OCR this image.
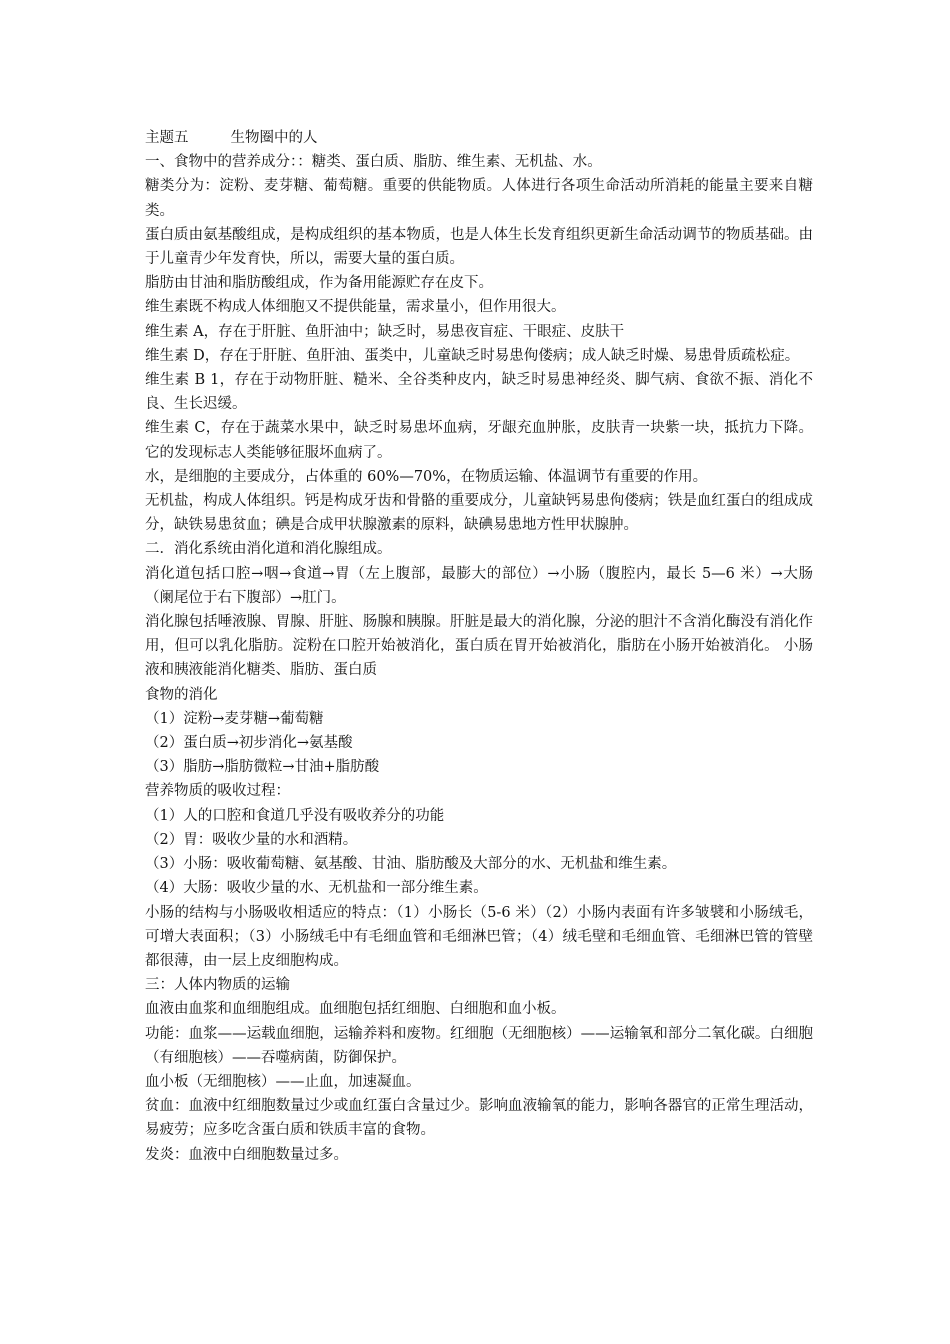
主题五	生物圈中的人

一、食物中的营养成分：：糖类、蛋白质、脂肪、维生素、无机盐、水。

糖类分为：淀粉、麦芽糖、葡萄糖。重要的供能物质。人体进行各项生命活动所消耗的能量主要来自糖类。

蛋白质由氨基酸组成，是构成组织的基本物质，也是人体生长发育组织更新生命活动调节的物质基础。由于儿童青少年发育快，所以，需要大量的蛋白质。

脂肪由甘油和脂肪酸组成，作为备用能源贮存在皮下。

维生素既不构成人体细胞又不提供能量，需求量小，但作用很大。

维生素 A，存在于肝脏、鱼肝油中；缺乏时，易患夜盲症、干眼症、皮肤干

维生素 D，存在于肝脏、鱼肝油、蛋类中，儿童缺乏时易患佝偻病；成人缺乏时燥、易患骨质疏松症。

维生素 B 1，存在于动物肝脏、糙米、全谷类种皮内，缺乏时易患神经炎、脚气病、食欲不振、消化不良、生长迟缓。

维生素 C，存在于蔬菜水果中，缺乏时易患坏血病，牙龈充血肿胀，皮肤青一块紫一块，抵抗力下降。它的发现标志人类能够征服坏血病了。

水，是细胞的主要成分，占体重的 60%—70%，在物质运输、体温调节有重要的作用。

无机盐，构成人体组织。钙是构成牙齿和骨骼的重要成分，儿童缺钙易患佝偻病；铁是血红蛋白的组成成分，缺铁易患贫血；碘是合成甲状腺激素的原料，缺碘易患地方性甲状腺肿。

二．消化系统由消化道和消化腺组成。

消化道包括口腔→咽→食道→胃（左上腹部，最膨大的部位）→小肠（腹腔内，最长 5—6 米）→大肠（阑尾位于右下腹部）→肛门。

消化腺包括唾液腺、胃腺、肝脏、肠腺和胰腺。肝脏是最大的消化腺，分泌的胆汁不含消化酶没有消化作用，但可以乳化脂肪。淀粉在口腔开始被消化，蛋白质在胃开始被消化，脂肪在小肠开始被消化。 小肠液和胰液能消化糖类、脂肪、蛋白质

食物的消化

（1）淀粉→麦芽糖→葡萄糖

（2）蛋白质→初步消化→氨基酸

（3）脂肪→脂肪微粒→甘油+脂肪酸

营养物质的吸收过程：

（1）人的口腔和食道几乎没有吸收养分的功能

（2）胃：吸收少量的水和酒精。

（3）小肠：吸收葡萄糖、氨基酸、甘油、脂肪酸及大部分的水、无机盐和维生素。

（4）大肠：吸收少量的水、无机盐和一部分维生素。

小肠的结构与小肠吸收相适应的特点：（1）小肠长（5-6 米）（2）小肠内表面有许多皱襞和小肠绒毛，可增大表面积；（3）小肠绒毛中有毛细血管和毛细淋巴管；（4）绒毛壁和毛细血管、毛细淋巴管的管壁都很薄，由一层上皮细胞构成。

三：人体内物质的运输

血液由血浆和血细胞组成。血细胞包括红细胞、白细胞和血小板。

功能：血浆——运载血细胞，运输养料和废物。红细胞（无细胞核）——运输氧和部分二氧化碳。白细胞（有细胞核）——吞噬病菌，防御保护。

血小板（无细胞核）——止血，加速凝血。

贫血：血液中红细胞数量过少或血红蛋白含量过少。影响血液输氧的能力，影响各器官的正常生理活动，易疲劳；应多吃含蛋白质和铁质丰富的食物。

发炎：血液中白细胞数量过多。
